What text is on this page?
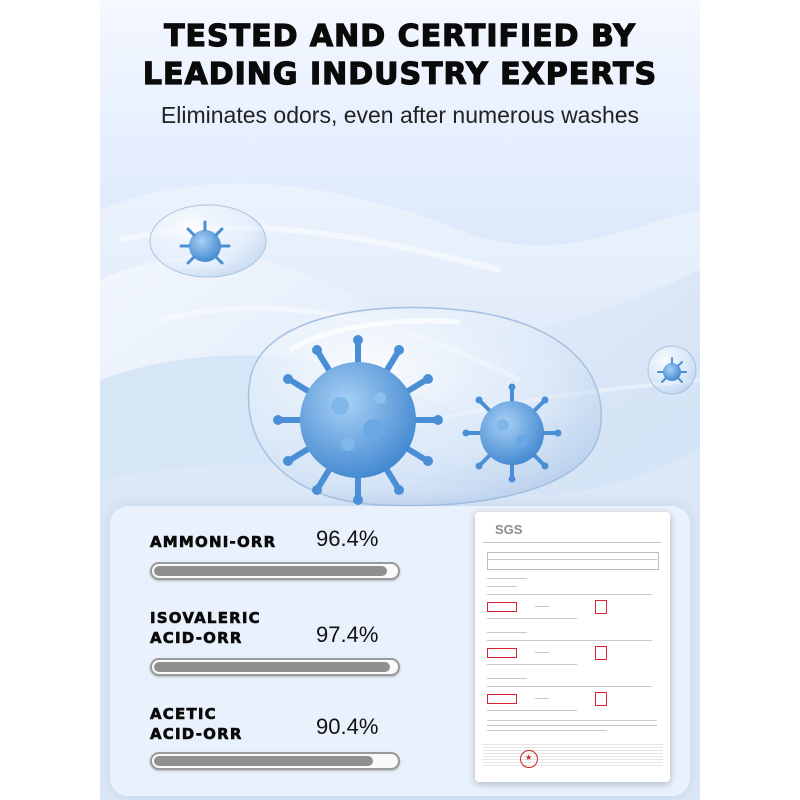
TESTED AND CERTIFIED BY
LEADING INDUSTRY EXPERTS
Eliminates odors, even after numerous washes
AMMONI-ORR 96.4%
ISOVALERIC
ACID-ORR	97.4%
ACETIC
ACID-ORR	90.4%
SGS
★
